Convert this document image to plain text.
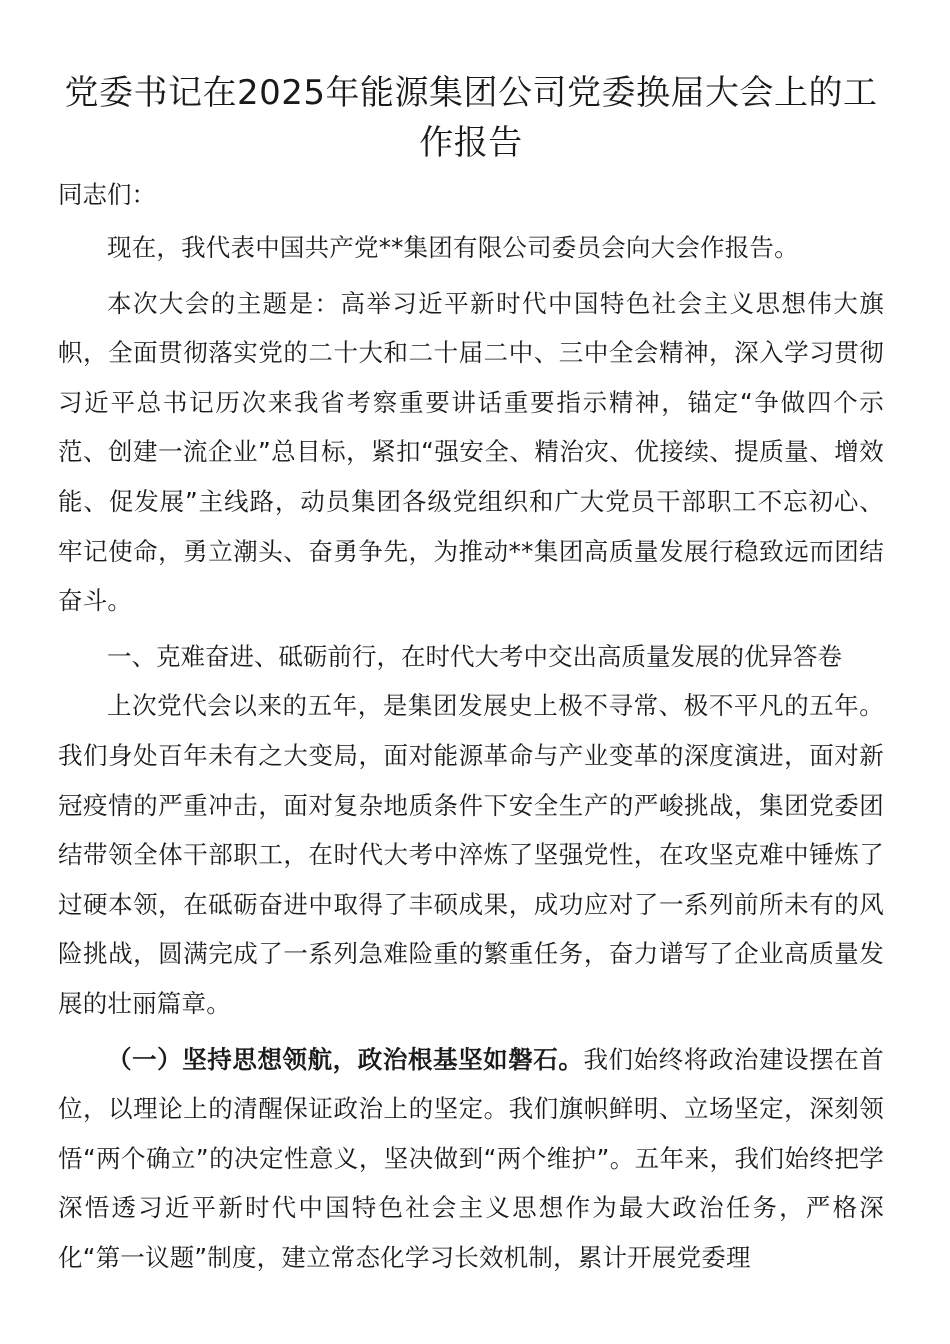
党委书记在2025年能源集团公司党委换届大会上的工作报告

同志们：

现在，我代表中国共产党**集团有限公司委员会向大会作报告。

本次大会的主题是：高举习近平新时代中国特色社会主义思想伟大旗帜，全面贯彻落实党的二十大和二十届二中、三中全会精神，深入学习贯彻习近平总书记历次来我省考察重要讲话重要指示精神，锚定“争做四个示范、创建一流企业”总目标，紧扣“强安全、精治灾、优接续、提质量、增效能、促发展”主线路，动员集团各级党组织和广大党员干部职工不忘初心、牢记使命，勇立潮头、奋勇争先，为推动**集团高质量发展行稳致远而团结奋斗。

一、克难奋进、砥砺前行，在时代大考中交出高质量发展的优异答卷

上次党代会以来的五年，是集团发展史上极不寻常、极不平凡的五年。我们身处百年未有之大变局，面对能源革命与产业变革的深度演进，面对新冠疫情的严重冲击，面对复杂地质条件下安全生产的严峻挑战，集团党委团结带领全体干部职工，在时代大考中淬炼了坚强党性，在攻坚克难中锤炼了过硬本领，在砥砺奋进中取得了丰硕成果，成功应对了一系列前所未有的风险挑战，圆满完成了一系列急难险重的繁重任务，奋力谱写了企业高质量发展的壮丽篇章。

（一）坚持思想领航，政治根基坚如磐石。我们始终将政治建设摆在首位，以理论上的清醒保证政治上的坚定。我们旗帜鲜明、立场坚定，深刻领悟“两个确立”的决定性意义，坚决做到“两个维护”。五年来，我们始终把学深悟透习近平新时代中国特色社会主义思想作为最大政治任务，严格深化“第一议题”制度，建立常态化学习长效机制，累计开展党委理
